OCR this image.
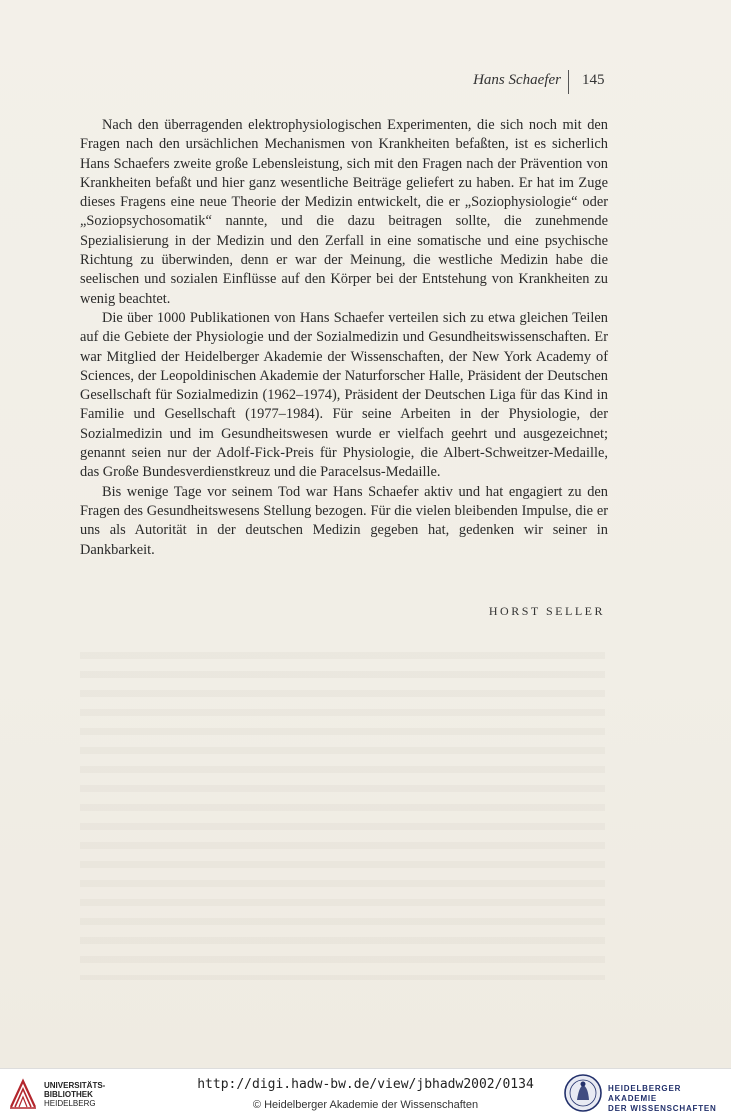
Hans Schaefer 145

Nach den überragenden elektrophysiologischen Experimenten, die sich noch mit den Fragen nach den ursächlichen Mechanismen von Krankheiten befaßten, ist es sicherlich Hans Schaefers zweite große Lebensleistung, sich mit den Fragen nach der Prävention von Krankheiten befaßt und hier ganz wesentliche Beiträge geliefert zu haben. Er hat im Zuge dieses Fragens eine neue Theorie der Medizin entwickelt, die er „Soziophysiologie“ oder „Soziopsychosomatik“ nannte, und die dazu beitragen sollte, die zunehmende Spezialisierung in der Medizin und den Zerfall in eine somatische und eine psychische Richtung zu überwinden, denn er war der Meinung, die westliche Medizin habe die seelischen und sozialen Einflüsse auf den Körper bei der Entstehung von Krankheiten zu wenig beachtet.

Die über 1000 Publikationen von Hans Schaefer verteilen sich zu etwa gleichen Teilen auf die Gebiete der Physiologie und der Sozialmedizin und Gesundheitswissenschaften. Er war Mitglied der Heidelberger Akademie der Wissenschaften, der New York Academy of Sciences, der Leopoldinischen Akademie der Naturforscher Halle, Präsident der Deutschen Gesellschaft für Sozialmedizin (1962–1974), Präsident der Deutschen Liga für das Kind in Familie und Gesellschaft (1977–1984). Für seine Arbeiten in der Physiologie, der Sozialmedizin und im Gesundheitswesen wurde er vielfach geehrt und ausgezeichnet; genannt seien nur der Adolf-Fick-Preis für Physiologie, die Albert-Schweitzer-Medaille, das Große Bundesverdienstkreuz und die Paracelsus-Medaille.

Bis wenige Tage vor seinem Tod war Hans Schaefer aktiv und hat engagiert zu den Fragen des Gesundheitswesens Stellung bezogen. Für die vielen bleibenden Impulse, die er uns als Autorität in der deutschen Medizin gegeben hat, gedenken wir seiner in Dankbarkeit.

HORST SELLER
UNIVERSITÄTS-
BIBLIOTHEK
HEIDELBERG
http://digi.hadw-bw.de/view/jbhadw2002/0134
© Heidelberger Akademie der Wissenschaften
HEIDELBERGER AKADEMIE
DER WISSENSCHAFTEN
